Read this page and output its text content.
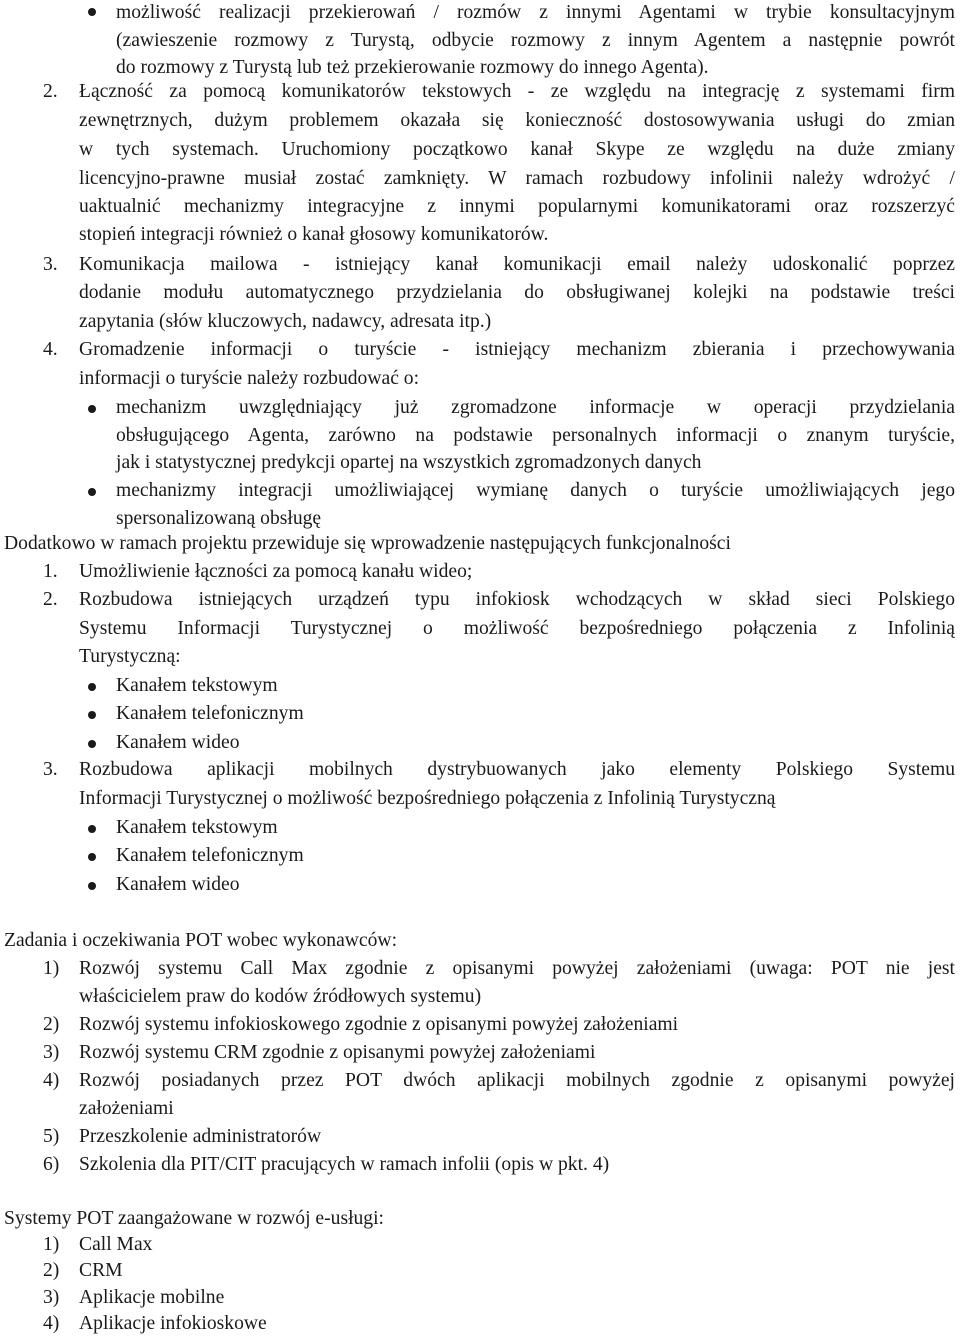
możliwość realizacji przekierowań / rozmów z innymi Agentami w trybie konsultacyjnym
(zawieszenie rozmowy z Turystą, odbycie rozmowy z innym Agentem a następnie powrót
do rozmowy z Turystą lub też przekierowanie rozmowy do innego Agenta).
2. Łączność za pomocą komunikatorów tekstowych - ze względu na integrację z systemami firm
zewnętrznych, dużym problemem okazała się konieczność dostosowywania usługi do zmian
w tych systemach. Uruchomiony początkowo kanał Skype ze względu na duże zmiany
licencyjno-prawne musiał zostać zamknięty. W ramach rozbudowy infolinii należy wdrożyć /
uaktualnić mechanizmy integracyjne z innymi popularnymi komunikatorami oraz rozszerzyć
stopień integracji również o kanał głosowy komunikatorów.
3. Komunikacja mailowa - istniejący kanał komunikacji email należy udoskonalić poprzez
dodanie modułu automatycznego przydzielania do obsługiwanej kolejki na podstawie treści
zapytania (słów kluczowych, nadawcy, adresata itp.)
4. Gromadzenie informacji o turyście - istniejący mechanizm zbierania i przechowywania
informacji o turyście należy rozbudować o:
mechanizm uwzględniający już zgromadzone informacje w operacji przydzielania
obsługującego Agenta, zarówno na podstawie personalnych informacji o znanym turyście,
jak i statystycznej predykcji opartej na wszystkich zgromadzonych danych
mechanizmy integracji umożliwiającej wymianę danych o turyście umożliwiających jego
spersonalizowaną obsługę
Dodatkowo w ramach projektu przewiduje się wprowadzenie następujących funkcjonalności
1. Umożliwienie łączności za pomocą kanału wideo;
2. Rozbudowa istniejących urządzeń typu infokiosk wchodzących w skład sieci Polskiego
Systemu Informacji Turystycznej o możliwość bezpośredniego połączenia z Infolinią
Turystyczną:
Kanałem tekstowym
Kanałem telefonicznym
Kanałem wideo
3. Rozbudowa aplikacji mobilnych dystrybuowanych jako elementy Polskiego Systemu
Informacji Turystycznej o możliwość bezpośredniego połączenia z Infolinią Turystyczną
Kanałem tekstowym
Kanałem telefonicznym
Kanałem wideo
Zadania i oczekiwania POT wobec wykonawców:
1) Rozwój systemu Call Max zgodnie z opisanymi powyżej założeniami (uwaga: POT nie jest
właścicielem praw do kodów źródłowych systemu)
2) Rozwój systemu infokioskowego zgodnie z opisanymi powyżej założeniami
3) Rozwój systemu CRM zgodnie z opisanymi powyżej założeniami
4) Rozwój posiadanych przez POT dwóch aplikacji mobilnych zgodnie z opisanymi powyżej
założeniami
5) Przeszkolenie administratorów
6) Szkolenia dla PIT/CIT pracujących w ramach infolii (opis w pkt. 4)
Systemy POT zaangażowane w rozwój e-usługi:
1) Call Max
2) CRM
3) Aplikacje mobilne
4) Aplikacje infokioskowe
